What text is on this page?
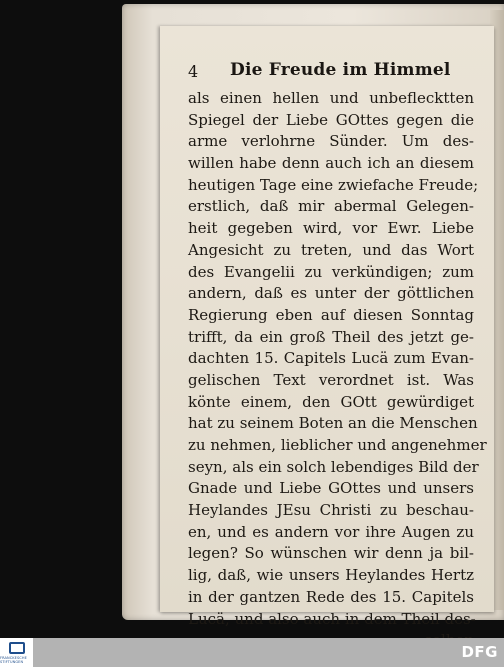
4 Die Freude im Himmel
als einen hellen und unbeflecktten
Spiegel der Liebe GOttes gegen die
arme verlohrne Sünder. Um des-
willen habe denn auch ich an diesem
heutigen Tage eine zwiefache Freude;
erstlich, daß mir abermal Gelegen-
heit gegeben wird, vor Ewr. Liebe
Angesicht zu treten, und das Wort
des Evangelii zu verkündigen; zum
andern, daß es unter der göttlichen
Regierung eben auf diesen Sonntag
trifft, da ein groß Theil des jetzt ge-
dachten 15. Capitels Lucä zum Evan-
gelischen Text verordnet ist. Was
könte einem, den GOtt gewürdiget
hat zu seinem Boten an die Menschen
zu nehmen, lieblicher und angenehmer
seyn, als ein solch lebendiges Bild der
Gnade und Liebe GOttes und unsers
Heylandes JEsu Christi zu beschau-
en, und es andern vor ihre Augen zu
legen? So wünschen wir denn ja bil-
lig, daß, wie unsers Heylandes Hertz
in der gantzen Rede des 15. Capitels
Lucä, und also auch in dem Theil des-
FRANCKESCHE STIFTUNGEN
DFG
